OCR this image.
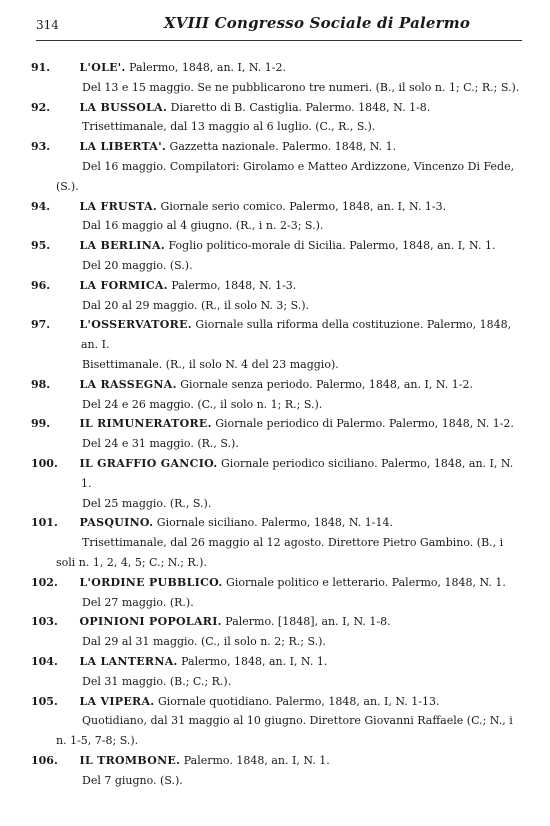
314	XVIII Congresso Sociale di Palermo

91.	L'OLE'. Palermo, 1848, an. I, N. 1-2.

Del 13 e 15 maggio. Se ne pubblicarono tre numeri. (B., il solo n. 1; C.; R.; S.).

92.	LA BUSSOLA. Diaretto di B. Castiglia. Palermo. 1848, N. 1-8.

Trisettimanale, dal 13 maggio al 6 luglio. (C., R., S.).

93.	LA LIBERTA'. Gazzetta nazionale. Palermo. 1848, N. 1.

Del 16 maggio. Compilatori: Girolamo e Matteo Ardizzone, Vincenzo Di Fede, (S.).

94.	LA FRUSTA. Giornale serio comico. Palermo, 1848, an. I, N. 1-3.

Dal 16 maggio al 4 giugno. (R., i n. 2-3; S.).

95.	LA BERLINA. Foglio politico-morale di Sicilia. Palermo, 1848, an. I, N. 1.

Del 20 maggio. (S.).

96.	LA FORMICA. Palermo, 1848, N. 1-3.

Dal 20 al 29 maggio. (R., il solo N. 3; S.).

97.	L'OSSERVATORE. Giornale sulla riforma della costituzione. Palermo, 1848, an. I.

Bisettimanale. (R., il solo N. 4 del 23 maggio).

98.	LA RASSEGNA. Giornale senza periodo. Palermo, 1848, an. I, N. 1-2.

Del 24 e 26 maggio. (C., il solo n. 1; R.; S.).

99.	IL RIMUNERATORE. Giornale periodico di Palermo. Palermo, 1848, N. 1-2.

Del 24 e 31 maggio. (R., S.).

100. IL GRAFFIO GANCIO. Giornale periodico siciliano. Palermo, 1848, an. I, N. 1.

Del 25 maggio. (R., S.).

101. PASQUINO. Giornale siciliano. Palermo, 1848, N. 1-14.

Trisettimanale, dal 26 maggio al 12 agosto. Direttore Pietro Gambino. (B., i soli n. 1, 2, 4, 5; C.; N.; R.).

102. L'ORDINE PUBBLICO. Giornale politico e letterario. Palermo, 1848, N. 1.

Del 27 maggio. (R.).

103. OPINIONI POPOLARI. Palermo. [1848], an. I, N. 1-8.

Dal 29 al 31 maggio. (C., il solo n. 2; R.; S.).

104. LA LANTERNA. Palermo, 1848, an. I, N. 1.

Del 31 maggio. (B.; C.; R.).

105. LA VIPERA. Giornale quotidiano. Palermo, 1848, an. I, N. 1-13.

Quotidiano, dal 31 maggio al 10 giugno. Direttore Giovanni Raffaele (C.; N., i n. 1-5, 7-8; S.).

106. IL TROMBONE. Palermo. 1848, an. I, N. 1.

Del 7 giugno. (S.).
